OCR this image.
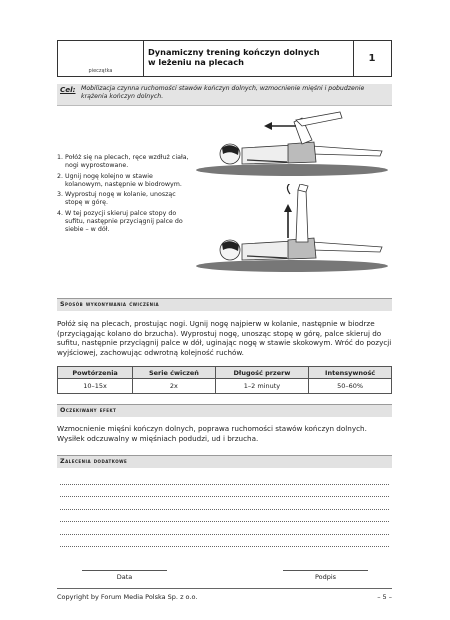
pieczątka
Dynamiczny trening kończyn dolnych
w leżeniu na plecach	1
Cel: Mobilizacja czynna ruchomości stawów kończyn dolnych, wzmocnienie mięśni i pobudzenie krążenia kończyn dolnych.
1. Połóż się na plecach, ręce wzdłuż ciała, nogi wyprostowane.
2. Ugnij nogę kolejno w stawie kolanowym, następnie w biodrowym.
3. Wyprostuj nogę w kolanie, unosząc stopę w górę.
4. W tej pozycji skieruj palce stopy do sufitu, następnie przyciągnij palce do siebie – w dół.
Sposób wykonywania ćwiczenia
Połóż się na plecach, prostując nogi. Ugnij nogę najpierw w kolanie, następnie w biodrze (przyciągając kolano do brzucha). Wyprostuj nogę, unosząc stopę w górę, palce skieruj do sufitu, następnie przyciągnij palce w dół, uginając nogę w stawie skokowym. Wróć do pozycji wyjściowej, zachowując odwrotną kolejność ruchów.
Powtórzenia	Serie ćwiczeń	Długość przerw	Intensywność
10–15x	2x	1–2 minuty	50–60%
Oczekiwany efekt
Wzmocnienie mięśni kończyn dolnych, poprawa ruchomości stawów kończyn dolnych. Wysiłek odczuwalny w mięśniach podudzi, ud i brzucha.
Zalecenia dodatkowe
Data	Podpis
Copyright by Forum Media Polska Sp. z o.o.	– 5 –
